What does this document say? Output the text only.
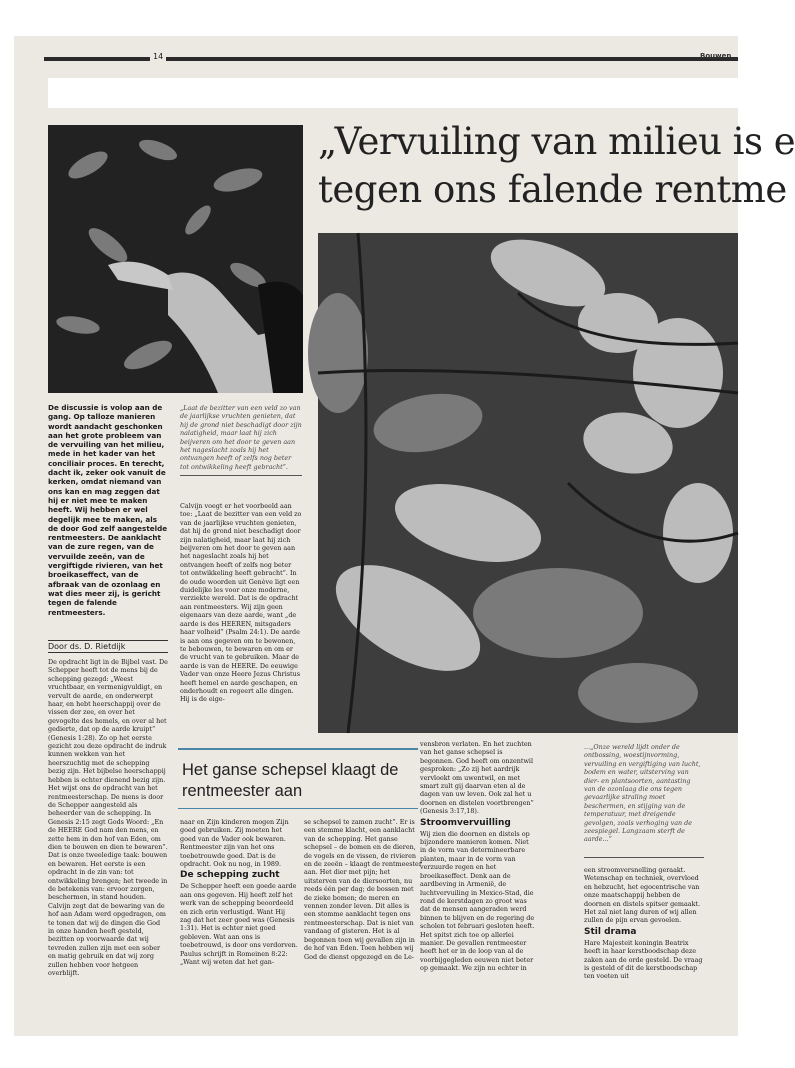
14	Bouwen
„Vervuiling van milieu is e
tegen ons falende rentme
De discussie is volop aan de gang. Op talloze manieren wordt aandacht geschonken aan het grote probleem van de vervuiling van het milieu, mede in het kader van het conciliair proces. En terecht, dacht ik, zeker ook vanuit de kerken, omdat niemand van ons kan en mag zeggen dat hij er niet mee te maken heeft. Wij hebben er wel degelijk mee te maken, als de door God zelf aangestelde rentmeesters. De aanklacht van de zure regen, van de vervuilde zeeën, van de vergiftigde rivieren, van het broeikaseffect, van de afbraak van de ozonlaag en wat dies meer zij, is gericht tegen de falende rentmeesters.
Door ds. D. Rietdijk
De opdracht ligt in de Bijbel vast. De Schepper heeft tot de mens bij de schepping gezegd: „Weest vruchtbaar, en vermenigvuldigt, en vervult de aarde, en onderwerpt haar, en hebt heerschappij over de vissen der zee, en over het gevogelte des hemels, en over al het gedierte, dat op de aarde kruipt” (Genesis 1:28). Zo op het eerste gezicht zou deze opdracht de indruk kunnen wekken van het heerszuchtig met de schepping bezig zijn. Het bijbelse heerschappij hebben is echter dienend bezig zijn. Het wijst ons de opdracht van het rentmeesterschap. De mens is door de Schepper aangesteld als beheerder van de schepping. In Genesis 2:15 zegt Gods Woord: „En de HEERE God nam den mens, en zette hem in den hof van Eden, om dien te bouwen en dien te bewaren”. Dat is onze tweeledige taak: bouwen en bewaren. Het eerste is een opdracht in de zin van: tot ontwikkeling brengen; het tweede in de betekenis van: ervoor zorgen, beschermen, in stand houden. Calvijn zegt dat de bewaring van de hof aan Adam werd opgedragen, om te tonen dat wij de dingen die God in onze handen heeft gesteld, bezitten op voorwaarde dat wij tevreden zullen zijn met een sober en matig gebruik en dat wij zorg zullen hebben voor hetgeen overblijft.
„Laat de bezitter van een veld zo van de jaarlijkse vruchten genieten, dat hij de grond niet beschadigt door zijn nalatigheid, maar laat hij zich beijveren om het door te geven aan het nageslacht zoals hij het ontvangen heeft of zelfs nog beter tot ontwikkeling heeft gebracht”.
Calvijn voegt er het voorbeeld aan toe: „Laat de bezitter van een veld zo van de jaarlijkse vruchten genieten, dat hij de grond niet beschadigt door zijn nalatigheid, maar laat hij zich beijveren om het door te geven aan het nageslacht zoals hij het ontvangen heeft of zelfs nog beter tot ontwikkeling heeft gebracht”. In de oude woorden uit Genève ligt een duidelijke les voor onze moderne, verziekte wereld. Dat is de opdracht aan rentmeesters. Wij zijn geen eigenaars van deze aarde, want „de aarde is des HEEREN, mitsgaders haar volheid” (Psalm 24:1). De aarde is aan ons gegeven om te bewonen, te bebouwen, te bewaren en om er de vrucht van te gebruiken. Maar de aarde is van de HEERE. De eeuwige Vader van onze Heere Jezus Christus heeft hemel en aarde geschapen, en onderhoudt en regeert alle dingen. Hij is de eige-
Het ganse schepsel klaagt de rentmeester aan

naar en Zijn kinderen mogen Zijn goed gebruiken. Zij moeten het goed van de Vader ook bewaren. Rentmeester zijn van het ons toebetrouwde goed. Dat is de opdracht. Ook nu nog, in 1989.

De schepping zucht

De Schepper heeft een goede aarde aan ons gegeven. Hij heeft zelf het werk van de schepping beoordeeld en zich erin verlustigd. Want Hij zag dat het zeer goed was (Genesis 1:31). Het is echter niet goed gebleven. Wat aan ons is toebetrouwd, is door ons verdorven. Paulus schrijft in Romeinen 8:22: „Want wij weten dat het gan-

se schepsel te zamen zucht”. Er is een stemme klacht, een aanklacht van de schepping. Het ganse schepsel – de bomen en de dieren, de vogels en de vissen, de rivieren en de zeeën – klaagt de rentmeester aan. Het dier met pijn; het uitsterven van de diersoorten, nu reeds één per dag; de bossen met de zieke bomen; de meren en vennen zonder leven. Dit alles is een stomme aanklacht tegen ons rentmeesterschap. Dat is niet van vandaag of gisteren. Het is al begonnen toen wij gevallen zijn in de hof van Eden. Toen hebben wij God de dienst opgezegd en de Le-

vensbron verlaten. En het zuchten van het ganse schepsel is begonnen. God heeft om onzentwil gesproken: „Zo zij het aardrijk vervloekt om uwentwil, en met smart zult gij daarvan eten al de dagen van uw leven. Ook zal het u doornen en distelen voortbrengen” (Genesis 3:17,18).

Stroomvervuilling

Wij zien die doornen en distels op bijzondere manieren komen. Niet in de vorm van determineerbare planten, maar in de vorm van verzuurde regen en het broeikaseffect. Denk aan de aardbeving in Armenië, de luchtvervuiling in Mexico-Stad, die rond de kerstdagen zo groot was dat de mensen aangeraden werd binnen te blijven en de regering de scholen tot februari gesloten heeft. Het spitst zich toe op allerlei manier. De gevallen rentmeester heeft het er in de loop van al de voorbijgegleden eeuwen niet beter op gemaakt. We zijn nu echter in

...„Onze wereld lijdt onder de ontbossing, woestijnvorming, vervuiling en vergiftiging van lucht, bodem en water, uitsterving van dier- en plantsoorten, aantasting van de ozonlaag die ons tegen gevaarlijke straling moet beschermen, en stijging van de temperatuur, met dreigende gevolgen, zoals verhoging van de zeespiegel. Langzaam sterft de aarde...”

een stroomversnelling geraakt. Wetenschap en techniek, overvloed en hebzucht, het egocentrische van onze maatschappij hebben de doornen en distels spitser gemaakt. Het zal niet lang duren of wij allen zullen de pijn ervan gevoelen.

Stil drama

Hare Majesteit koningin Beatrix heeft in haar kerstboodschap deze zaken aan de orde gesteld. De vraag is gesteld of dit de kerstboodschap ten voeten uit
